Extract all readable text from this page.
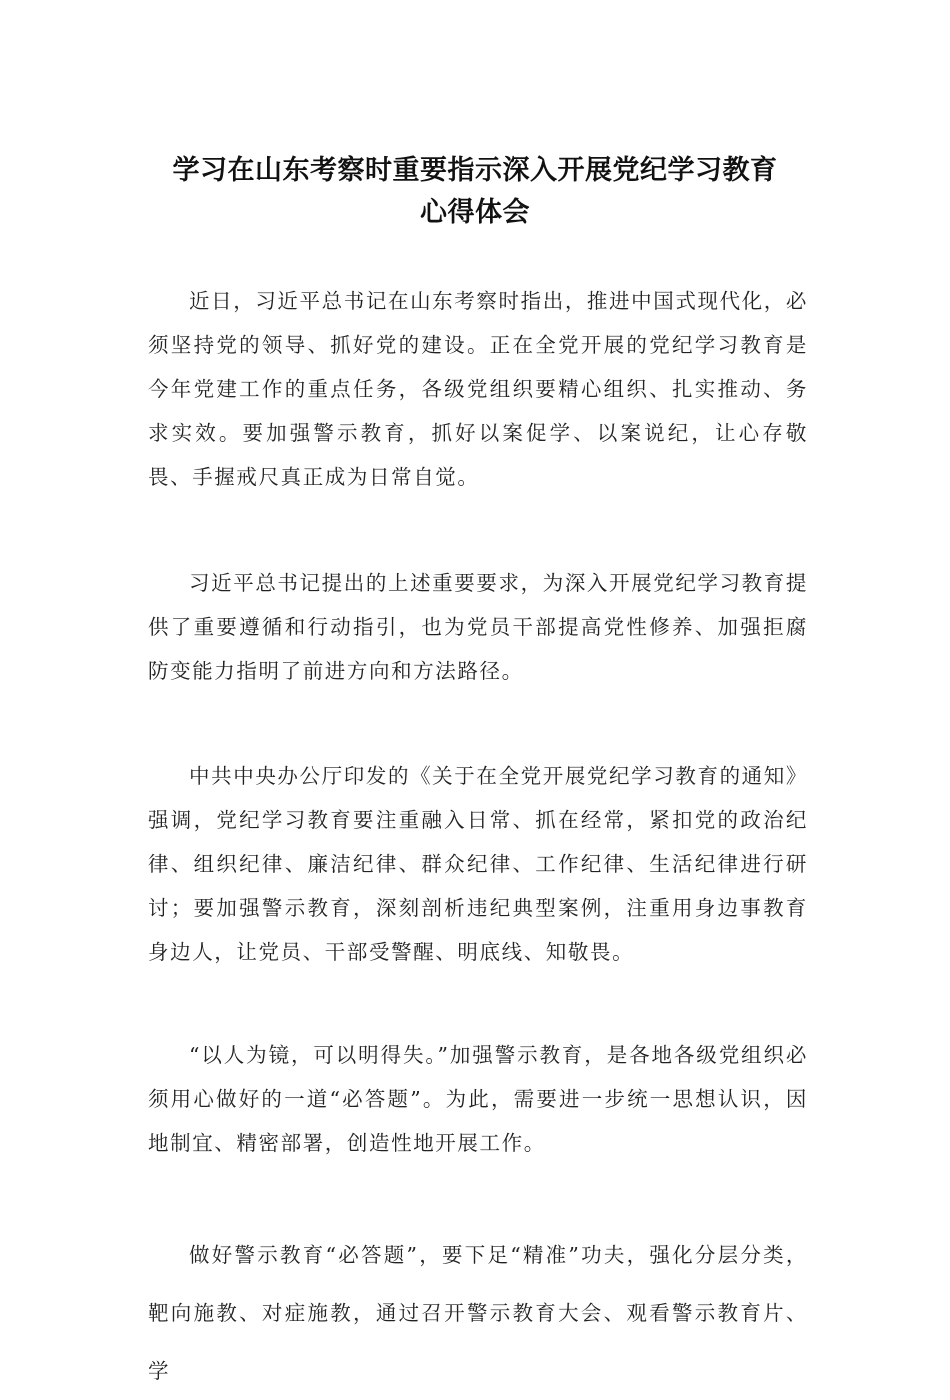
学习在山东考察时重要指示深入开展党纪学习教育
心得体会

近日，习近平总书记在山东考察时指出，推进中国式现代化，必须坚持党的领导、抓好党的建设。正在全党开展的党纪学习教育是今年党建工作的重点任务，各级党组织要精心组织、扎实推动、务求实效。要加强警示教育，抓好以案促学、以案说纪，让心存敬畏、手握戒尺真正成为日常自觉。

习近平总书记提出的上述重要要求，为深入开展党纪学习教育提供了重要遵循和行动指引，也为党员干部提高党性修养、加强拒腐防变能力指明了前进方向和方法路径。

中共中央办公厅印发的《关于在全党开展党纪学习教育的通知》强调，党纪学习教育要注重融入日常、抓在经常，紧扣党的政治纪律、组织纪律、廉洁纪律、群众纪律、工作纪律、生活纪律进行研讨；要加强警示教育，深刻剖析违纪典型案例，注重用身边事教育身边人，让党员、干部受警醒、明底线、知敬畏。

“以人为镜，可以明得失。”加强警示教育，是各地各级党组织必须用心做好的一道“必答题”。为此，需要进一步统一思想认识，因地制宜、精密部署，创造性地开展工作。

做好警示教育“必答题”，要下足“精准”功夫，强化分层分类，靶向施教、对症施教，通过召开警示教育大会、观看警示教育片、学
